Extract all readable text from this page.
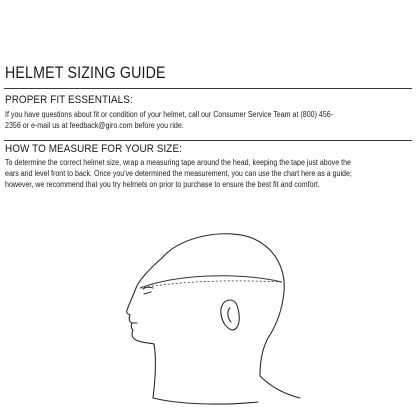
HELMET SIZING GUIDE
PROPER FIT ESSENTIALS:

If you have questions about fit or condition of your helmet, call our Consumer Service Team at (800) 456-
2356 or e-mail us at feedback@giro.com before you ride.

HOW TO MEASURE FOR YOUR SIZE:

To determine the correct helmet size, wrap a measuring tape around the head, keeping the tape just above the
ears and level front to back. Once you've determined the measurement, you can use the chart here as a guide;
however, we recommend that you try helmets on prior to purchase to ensure the best fit and comfort.
